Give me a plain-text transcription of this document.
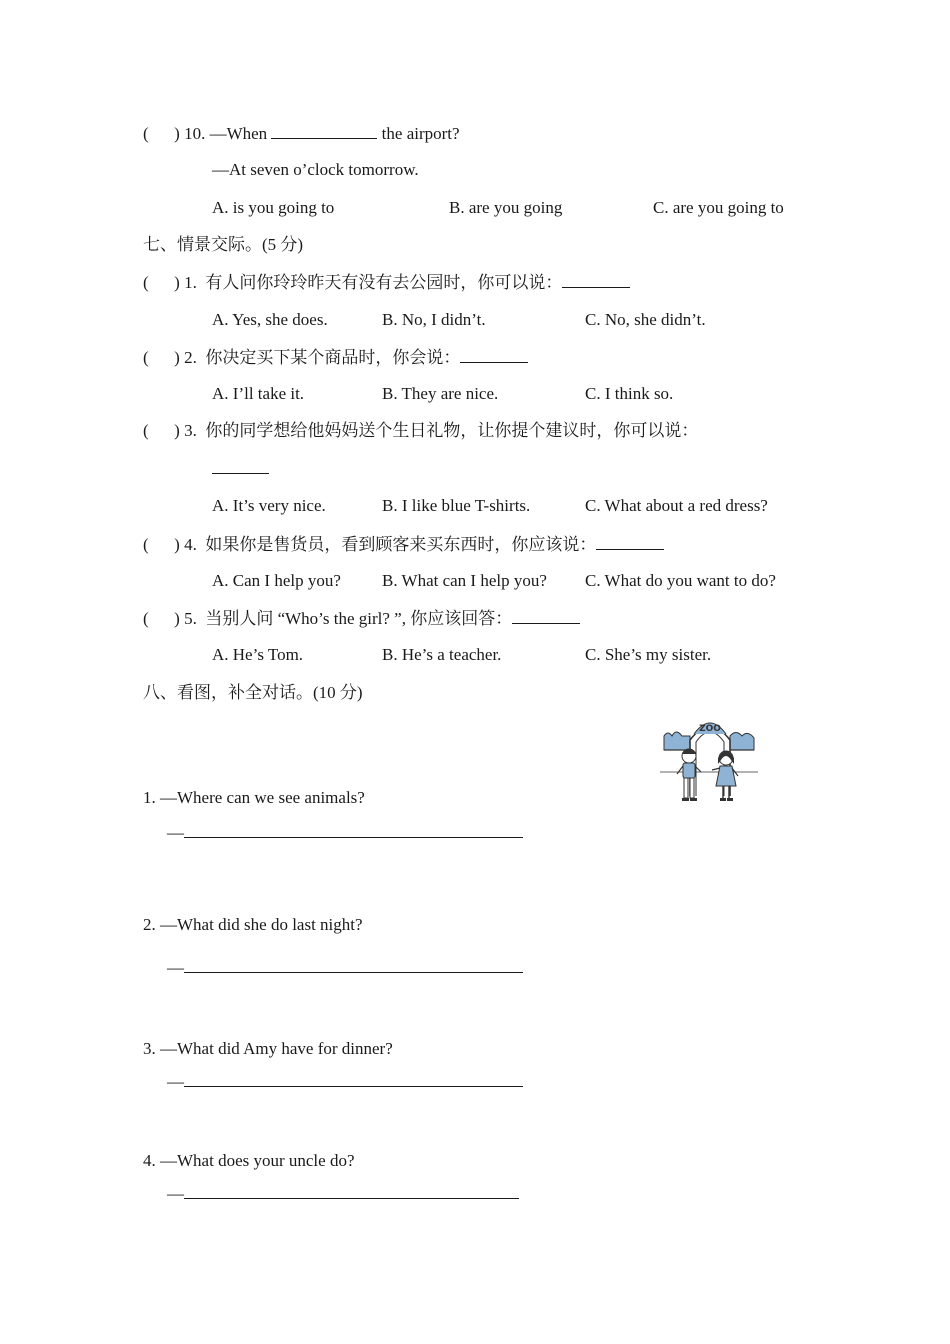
(      ) 10. —When	the airport?
—At seven o’clock tomorrow.
A. is you going to	B. are you going	C. are you going to
七、情景交际。(5 分)
(      ) 1.  有人问你玲玲昨天有没有去公园时，你可以说：
A. Yes, she does.	B. No, I didn’t.	C. No, she didn’t.
(      ) 2.  你决定买下某个商品时，你会说：
A. I’ll take it.	B. They are nice.	C. I think so.
(      ) 3.  你的同学想给他妈妈送个生日礼物，让你提个建议时，你可以说：
A. It’s very nice.	B. I like blue T-shirts.	C. What about a red dress?
(      ) 4.  如果你是售货员，看到顾客来买东西时，你应该说：
A. Can I help you? B. What can I help you? C. What do you want to do?
(      ) 5.  当别人问 “Who’s the girl? ”, 你应该回答：
A. He’s Tom.	B. He’s a teacher.	C. She’s my sister.
八、看图，补全对话。(10 分)
ZOO
1. —Where can we see animals?
—
2. —What did she do last night?
—
3. —What did Amy have for dinner?
—
4. —What does your uncle do?
—
